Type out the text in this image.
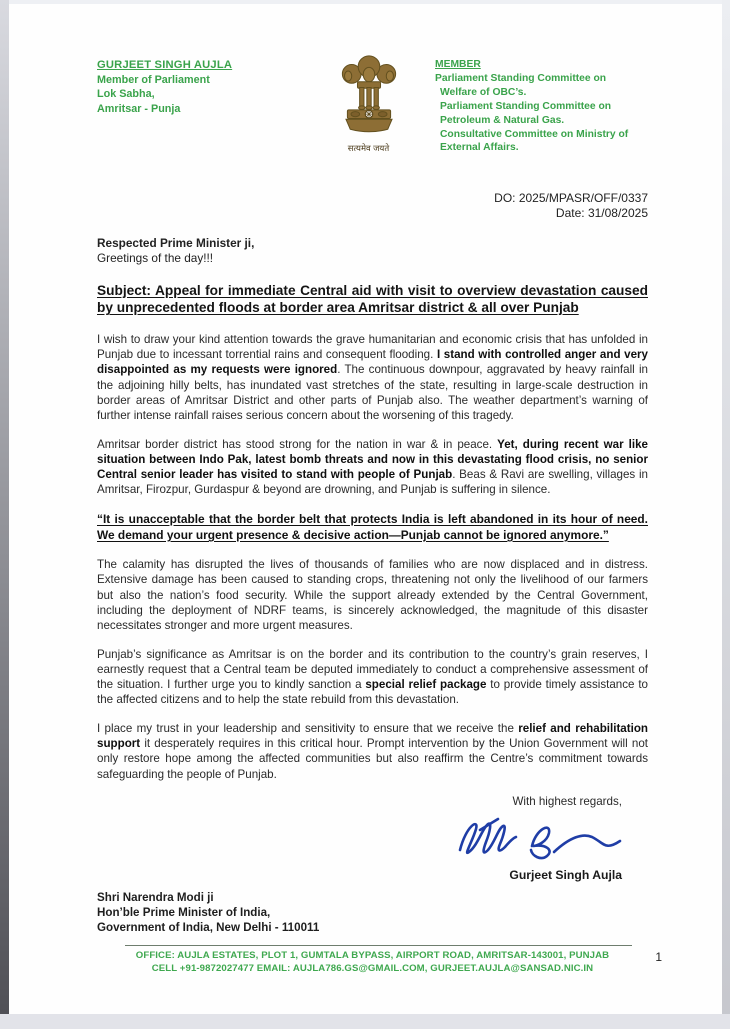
GURJEET SINGH AUJLA
Member of Parliament
Lok Sabha,
Amritsar - Punja
सत्यमेव जयते
MEMBER
Parliament Standing Committee on
Welfare of OBC’s.
Parliament Standing Committee on
Petroleum & Natural Gas.
Consultative Committee on Ministry of
External Affairs.
DO: 2025/MPASR/OFF/0337
Date: 31/08/2025
Respected Prime Minister ji,
Greetings of the day!!!
Subject: Appeal for immediate Central aid with visit to overview devastation caused by unprecedented floods at border area Amritsar district & all over Punjab

I wish to draw your kind attention towards the grave humanitarian and economic crisis that has unfolded in Punjab due to incessant torrential rains and consequent flooding. I stand with controlled anger and very disappointed as my requests were ignored. The continuous downpour, aggravated by heavy rainfall in the adjoining hilly belts, has inundated vast stretches of the state, resulting in large-scale destruction in border areas of Amritsar District and other parts of Punjab also. The weather department’s warning of further intense rainfall raises serious concern about the worsening of this tragedy.

Amritsar border district has stood strong for the nation in war & in peace. Yet, during recent war like situation between Indo Pak, latest bomb threats and now in this devastating flood crisis, no senior Central senior leader has visited to stand with people of Punjab. Beas & Ravi are swelling, villages in Amritsar, Firozpur, Gurdaspur & beyond are drowning, and Punjab is suffering in silence.

“It is unacceptable that the border belt that protects India is left abandoned in its hour of need. We demand your urgent presence & decisive action—Punjab cannot be ignored anymore.”

The calamity has disrupted the lives of thousands of families who are now displaced and in distress. Extensive damage has been caused to standing crops, threatening not only the livelihood of our farmers but also the nation’s food security. While the support already extended by the Central Government, including the deployment of NDRF teams, is sincerely acknowledged, the magnitude of this disaster necessitates stronger and more urgent measures.

Punjab’s significance as Amritsar is on the border and its contribution to the country’s grain reserves, I earnestly request that a Central team be deputed immediately to conduct a comprehensive assessment of the situation. I further urge you to kindly sanction a special relief package to provide timely assistance to the affected citizens and to help the state rebuild from this devastation.

I place my trust in your leadership and sensitivity to ensure that we receive the relief and rehabilitation support it desperately requires in this critical hour. Prompt intervention by the Union Government will not only restore hope among the affected communities but also reaffirm the Centre’s commitment towards safeguarding the people of Punjab.

With highest regards,
Gurjeet Singh Aujla
Shri Narendra Modi ji
Hon’ble Prime Minister of India,
Government of India, New Delhi - 110011
OFFICE: AUJLA ESTATES, PLOT 1, GUMTALA BYPASS, AIRPORT ROAD, AMRITSAR-143001, PUNJAB
CELL +91-9872027477 EMAIL: AUJLA786.GS@GMAIL.COM, GURJEET.AUJLA@SANSAD.NIC.IN
1
